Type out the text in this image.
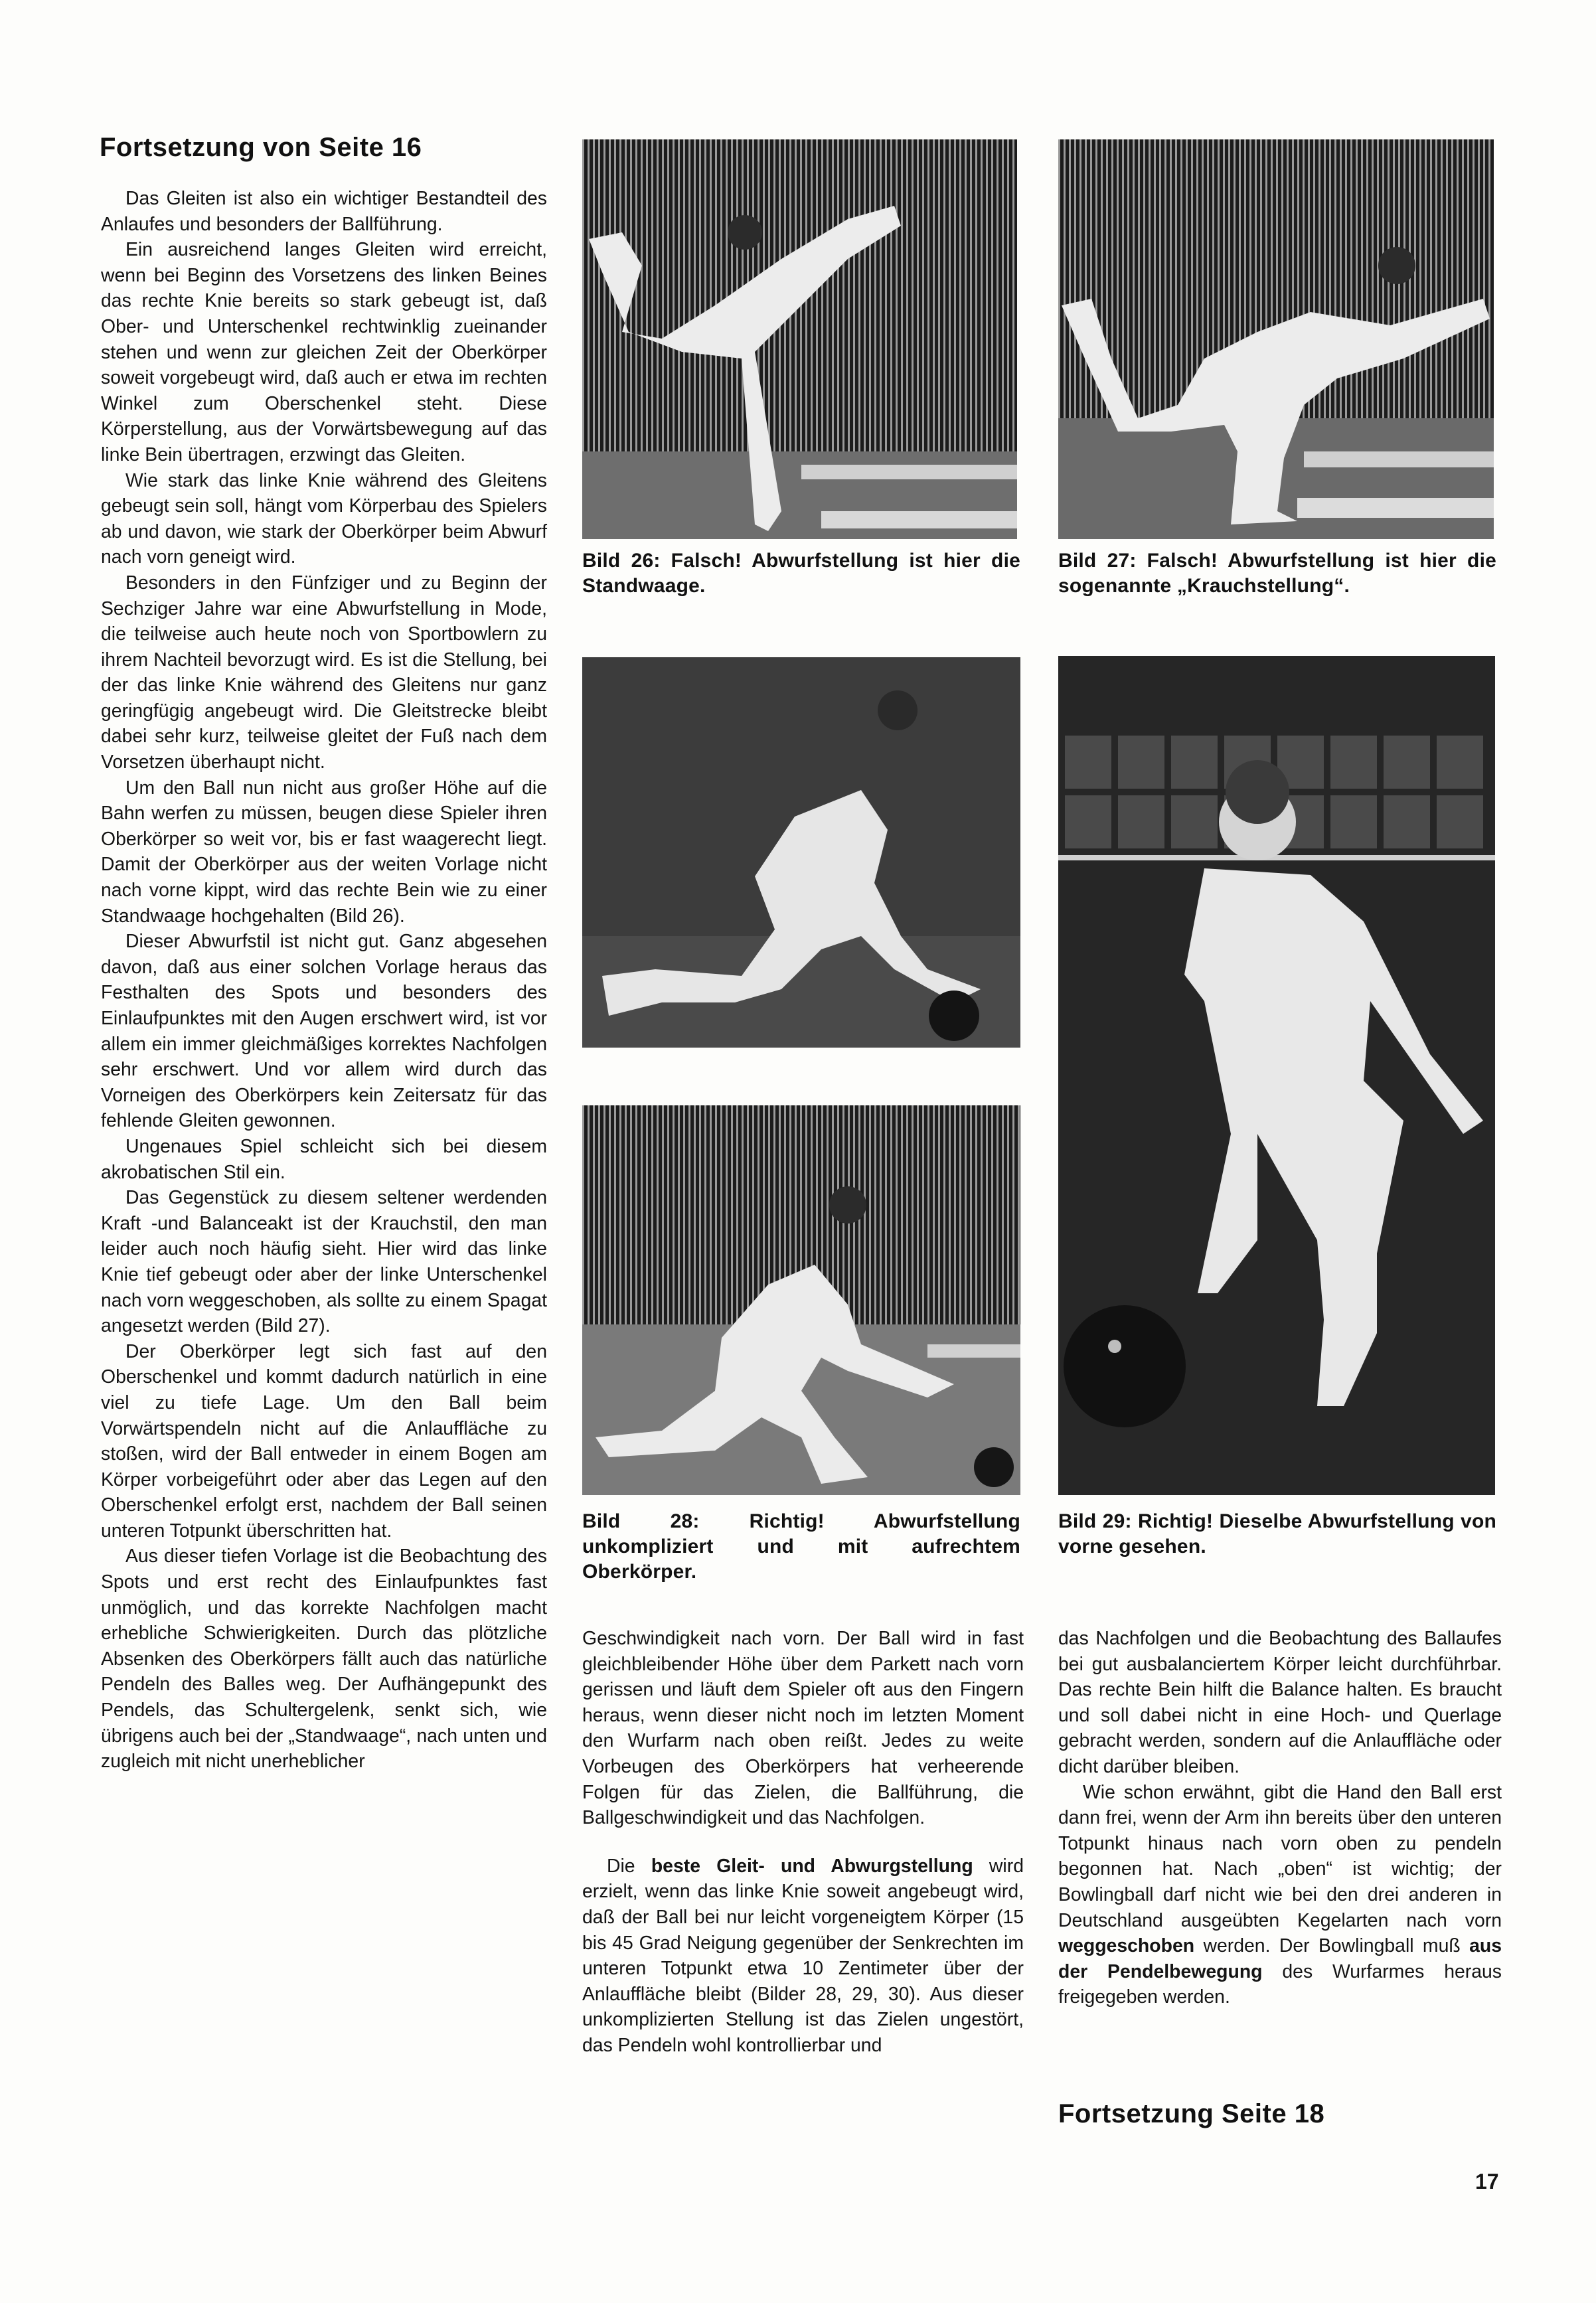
Fortsetzung von Seite 16

Das Gleiten ist also ein wichtiger Bestandteil des Anlaufes und besonders der Ballführung.

Ein ausreichend langes Gleiten wird erreicht, wenn bei Beginn des Vorsetzens des linken Beines das rechte Knie bereits so stark gebeugt ist, daß Ober- und Unterschenkel rechtwinklig zueinander stehen und wenn zur gleichen Zeit der Oberkörper soweit vorgebeugt wird, daß auch er etwa im rechten Winkel zum Oberschenkel steht. Diese Körperstellung, aus der Vorwärtsbewegung auf das linke Bein übertragen, erzwingt das Gleiten.

Wie stark das linke Knie während des Gleitens gebeugt sein soll, hängt vom Körperbau des Spielers ab und davon, wie stark der Oberkörper beim Abwurf nach vorn geneigt wird.

Besonders in den Fünfziger und zu Beginn der Sechziger Jahre war eine Abwurfstellung in Mode, die teilweise auch heute noch von Sportbowlern zu ihrem Nachteil bevorzugt wird. Es ist die Stellung, bei der das linke Knie während des Gleitens nur ganz geringfügig angebeugt wird. Die Gleitstrecke bleibt dabei sehr kurz, teilweise gleitet der Fuß nach dem Vorsetzen überhaupt nicht.

Um den Ball nun nicht aus großer Höhe auf die Bahn werfen zu müssen, beugen diese Spieler ihren Oberkörper so weit vor, bis er fast waagerecht liegt. Damit der Oberkörper aus der weiten Vorlage nicht nach vorne kippt, wird das rechte Bein wie zu einer Standwaage hochgehalten (Bild 26).

Dieser Abwurfstil ist nicht gut. Ganz abgesehen davon, daß aus einer solchen Vorlage heraus das Festhalten des Spots und besonders des Einlaufpunktes mit den Augen erschwert wird, ist vor allem ein immer gleichmäßiges korrektes Nachfolgen sehr erschwert. Und vor allem wird durch das Vorneigen des Oberkörpers kein Zeitersatz für das fehlende Gleiten gewonnen.

Ungenaues Spiel schleicht sich bei diesem akrobatischen Stil ein.

Das Gegenstück zu diesem seltener werdenden Kraft -und Balanceakt ist der Krauchstil, den man leider auch noch häufig sieht. Hier wird das linke Knie tief gebeugt oder aber der linke Unterschenkel nach vorn weggeschoben, als sollte zu einem Spagat angesetzt werden (Bild 27).

Der Oberkörper legt sich fast auf den Oberschenkel und kommt dadurch natürlich in eine viel zu tiefe Lage. Um den Ball beim Vorwärtspendeln nicht auf die Anlauffläche zu stoßen, wird der Ball entweder in einem Bogen am Körper vorbeigeführt oder aber das Legen auf den Oberschenkel erfolgt erst, nachdem der Ball seinen unteren Totpunkt überschritten hat.

Aus dieser tiefen Vorlage ist die Beobachtung des Spots und erst recht des Einlaufpunktes fast unmöglich, und das korrekte Nachfolgen macht erhebliche Schwierigkeiten. Durch das plötzliche Absenken des Oberkörpers fällt auch das natürliche Pendeln des Balles weg. Der Aufhängepunkt des Pendels, das Schultergelenk, senkt sich, wie übrigens auch bei der „Standwaage“, nach unten und zugleich mit nicht unerheblicher

Bild 26: Falsch! Abwurfstellung ist hier die Standwaage.
Bild 27: Falsch! Abwurfstellung ist hier die sogenannte „Krauchstellung“.
Bild 28: Richtig! Abwurfstellung unkompliziert und mit aufrechtem Oberkörper.
Bild 29: Richtig! Dieselbe Abwurfstellung von vorne gesehen.

Geschwindigkeit nach vorn. Der Ball wird in fast gleichbleibender Höhe über dem Parkett nach vorn gerissen und läuft dem Spieler oft aus den Fingern heraus, wenn dieser nicht noch im letzten Moment den Wurfarm nach oben reißt. Jedes zu weite Vorbeugen des Oberkörpers hat verheerende Folgen für das Zielen, die Ballführung, die Ballgeschwindigkeit und das Nachfolgen.

Die beste Gleit- und Abwurgstellung wird erzielt, wenn das linke Knie soweit angebeugt wird, daß der Ball bei nur leicht vorgeneigtem Körper (15 bis 45 Grad Neigung gegenüber der Senkrechten im unteren Totpunkt etwa 10 Zentimeter über der Anlauffläche bleibt (Bilder 28, 29, 30). Aus dieser unkomplizierten Stellung ist das Zielen ungestört, das Pendeln wohl kontrollierbar und

das Nachfolgen und die Beobachtung des Ballaufes bei gut ausbalanciertem Körper leicht durchführbar. Das rechte Bein hilft die Balance halten. Es braucht und soll dabei nicht in eine Hoch- und Querlage gebracht werden, sondern auf die Anlauffläche oder dicht darüber bleiben.

Wie schon erwähnt, gibt die Hand den Ball erst dann frei, wenn der Arm ihn bereits über den unteren Totpunkt hinaus nach vorn oben zu pendeln begonnen hat. Nach „oben“ ist wichtig; der Bowlingball darf nicht wie bei den drei anderen in Deutschland ausgeübten Kegelarten nach vorn weggeschoben werden. Der Bowlingball muß aus der Pendelbewegung des Wurfarmes heraus freigegeben werden.

Fortsetzung Seite 18
17
